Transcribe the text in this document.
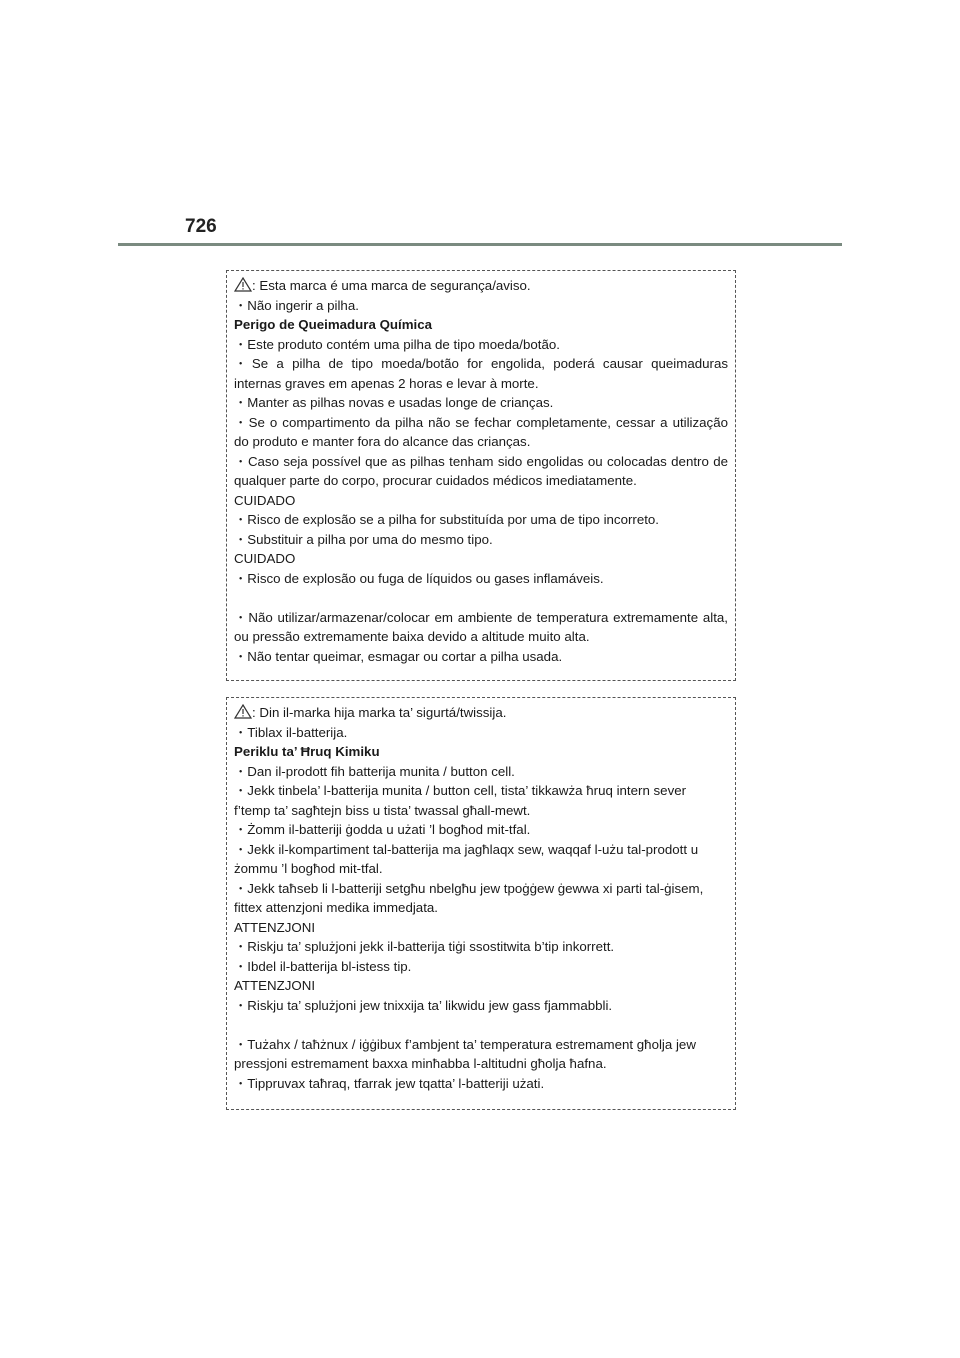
726
: Esta marca é uma marca de segurança/aviso.
・Não ingerir a pilha.
Perigo de Queimadura Química
・Este produto contém uma pilha de tipo moeda/botão.
・Se a pilha de tipo moeda/botão for engolida, poderá causar queimaduras internas graves em apenas 2 horas e levar à morte.
・Manter as pilhas novas e usadas longe de crianças.
・Se o compartimento da pilha não se fechar completamente, cessar a utilização do produto e manter fora do alcance das crianças.
・Caso seja possível que as pilhas tenham sido engolidas ou colocadas dentro de qualquer parte do corpo, procurar cuidados médicos imediatamente.
CUIDADO
・Risco de explosão se a pilha for substituída por uma de tipo incorreto.
・Substituir a pilha por uma do mesmo tipo.
CUIDADO
・Risco de explosão ou fuga de líquidos ou gases inflamáveis.
・Não utilizar/armazenar/colocar em ambiente de temperatura extremamente alta, ou pressão extremamente baixa devido a altitude muito alta.
・Não tentar queimar, esmagar ou cortar a pilha usada.
: Din il-marka hija marka ta’ sigurtá/twissija.
・Tiblax il-batterija.
Periklu ta’ Ħruq Kimiku
・Dan il-prodott fih batterija munita / button cell.
・Jekk tinbela’ l-batterija munita / button cell, tista’ tikkawża ħruq intern sever
f’temp ta’ sagħtejn biss u tista’ twassal għall-mewt.
・Żomm il-batteriji ġodda u użati ’l bogħod mit-tfal.
・Jekk il-kompartiment tal-batterija ma jagħlaqx sew, waqqaf l-użu tal-prodott u
żommu ’l bogħod mit-tfal.
・Jekk taħseb li l-batteriji setgħu nbelgħu jew tpoġġew ġewwa xi parti tal-ġisem,
fittex attenzjoni medika immedjata.
ATTENZJONI
・Riskju ta’ splużjoni jekk il-batterija tiġi ssostitwita b’tip inkorrett.
・Ibdel il-batterija bl-istess tip.
ATTENZJONI
・Riskju ta’ splużjoni jew tnixxija ta’ likwidu jew gass fjammabbli.
・Tużahx / taħżnux / iġġibux f’ambjent ta’ temperatura estremament għolja jew
pressjoni estremament baxxa minħabba l-altitudni għolja ħafna.
・Tippruvax taħraq, tfarrak jew tqatta’ l-batteriji użati.
